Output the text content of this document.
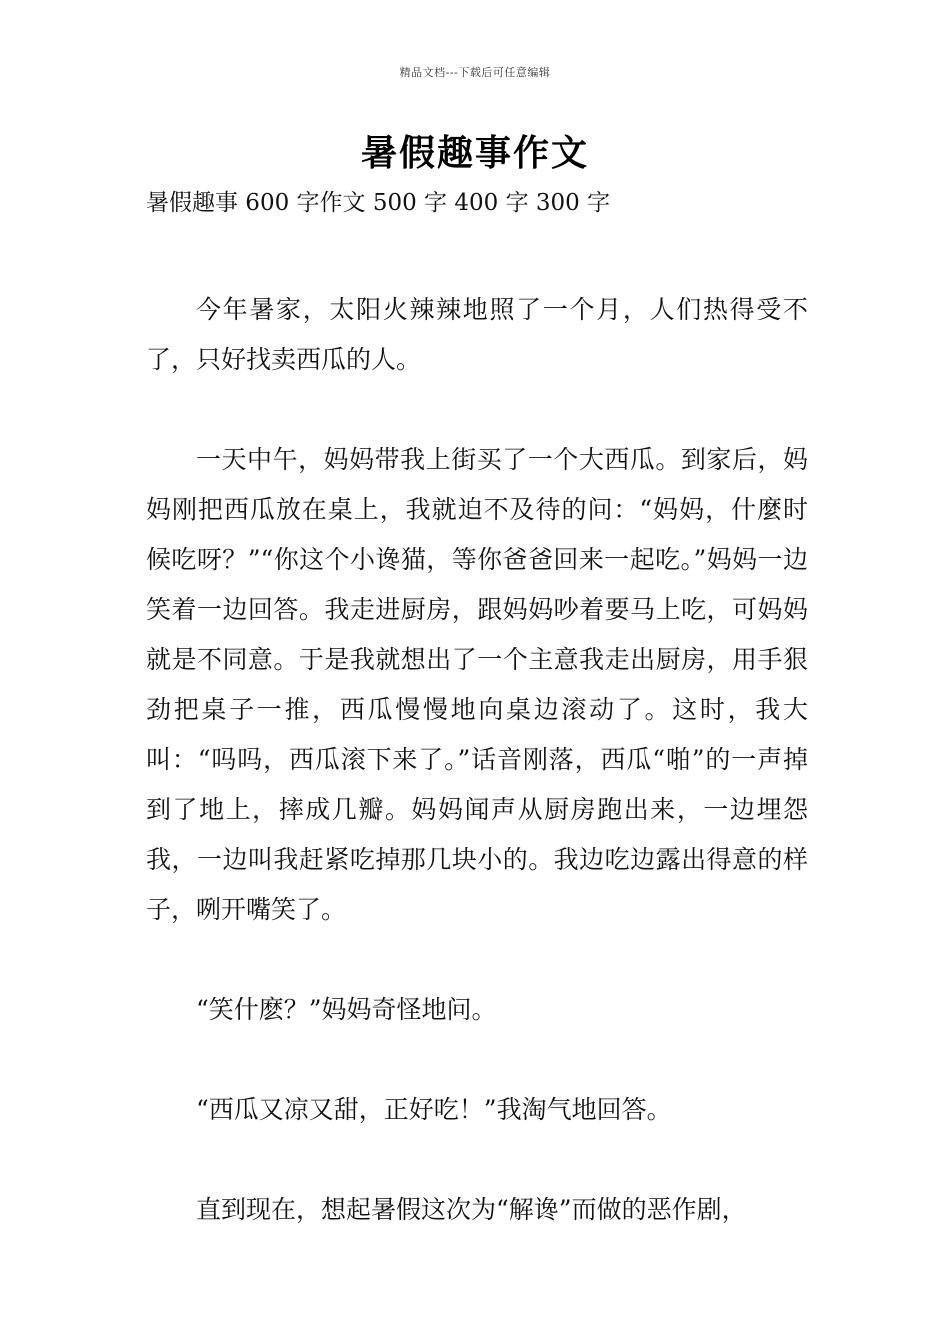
精品文档---下载后可任意编辑
暑假趣事作文
暑假趣事 600 字作文 500 字 400 字 300 字

今年暑家，太阳火辣辣地照了一个月，人们热得受不了，只好找卖西瓜的人。

一天中午，妈妈带我上街买了一个大西瓜。到家后，妈妈刚把西瓜放在桌上，我就迫不及待的问：“妈妈，什麼时候吃呀？”“你这个小谗猫，等你爸爸回来一起吃。”妈妈一边笑着一边回答。我走进厨房，跟妈妈吵着要马上吃，可妈妈就是不同意。于是我就想出了一个主意我走出厨房，用手狠劲把桌子一推，西瓜慢慢地向桌边滚动了。这时，我大叫：“吗吗，西瓜滚下来了。”话音刚落，西瓜“啪”的一声掉到了地上，摔成几瓣。妈妈闻声从厨房跑出来，一边埋怨我，一边叫我赶紧吃掉那几块小的。我边吃边露出得意的样子，咧开嘴笑了。

“笑什麽？”妈妈奇怪地问。

“西瓜又凉又甜，正好吃！”我淘气地回答。

直到现在，想起暑假这次为“解谗”而做的恶作剧，
